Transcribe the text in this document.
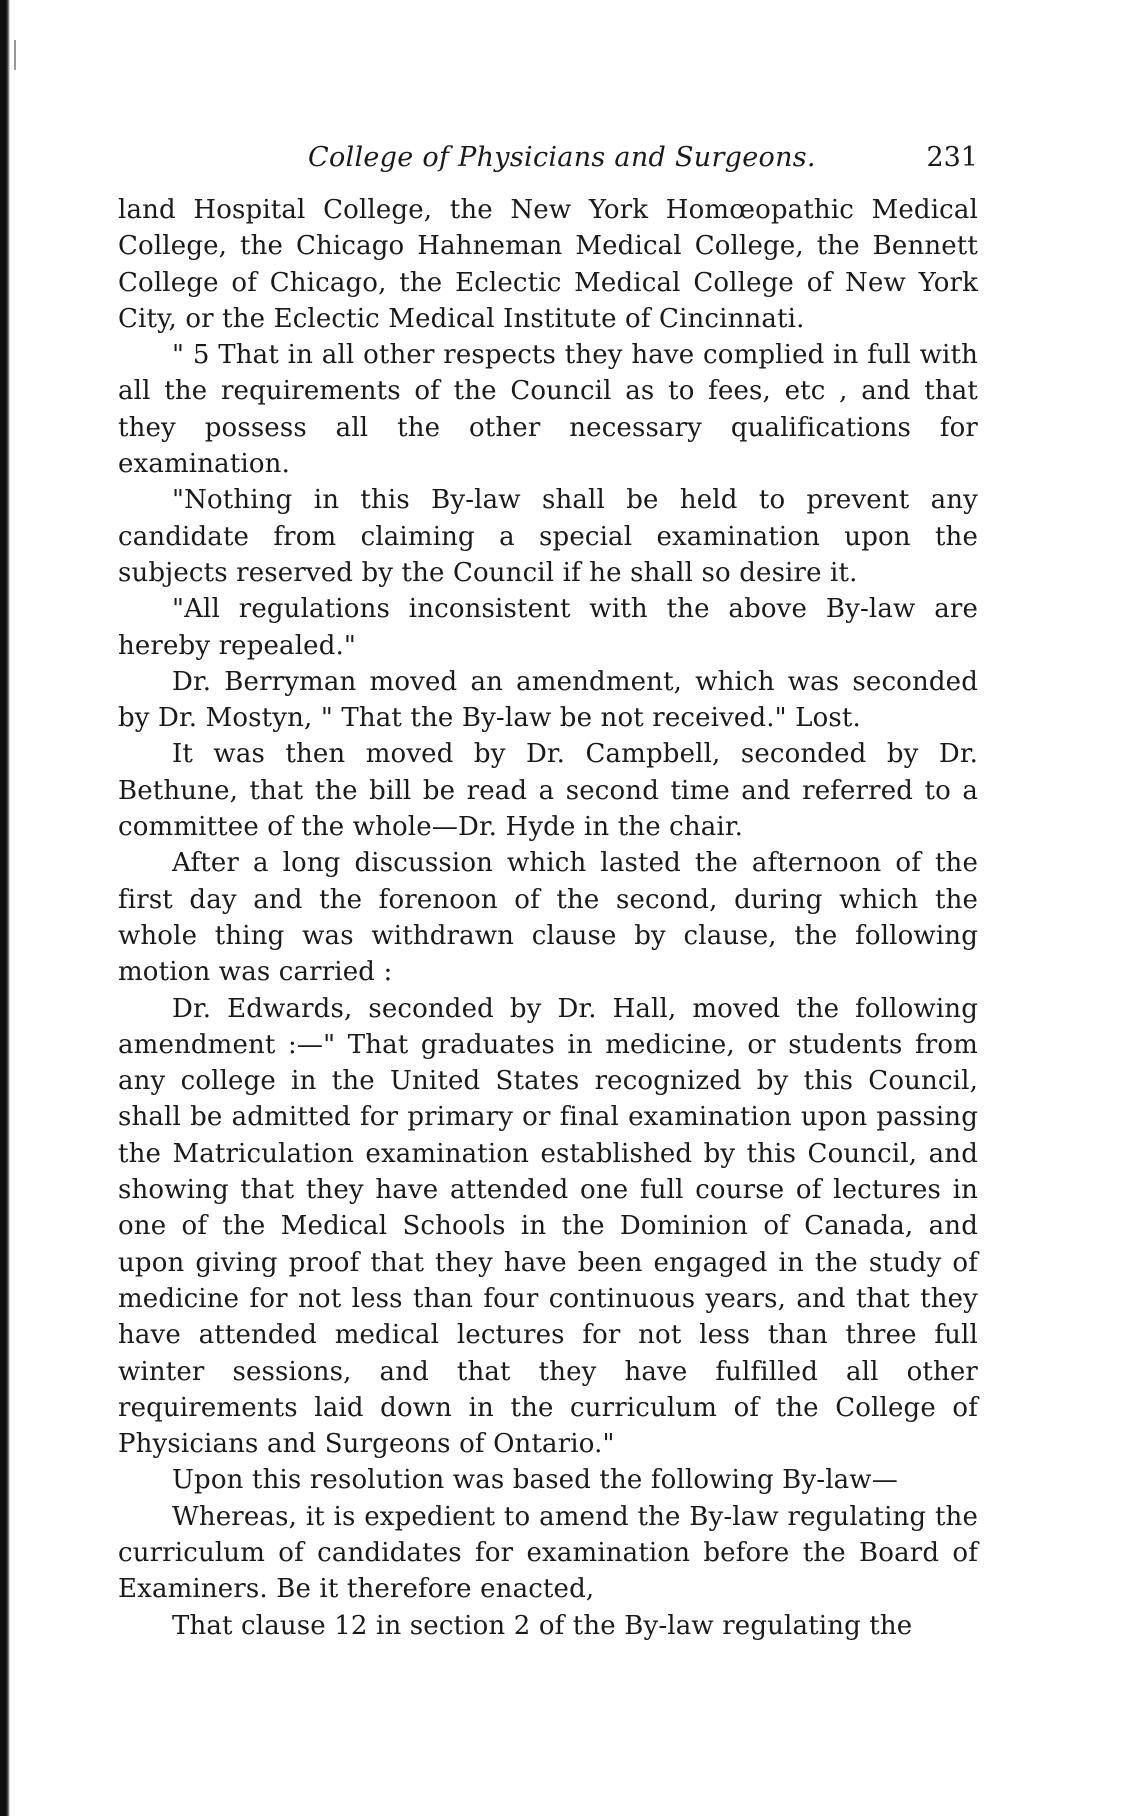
College of Physicians and Surgeons.	231

land Hospital College, the New York Homœopathic Medical College, the Chicago Hahneman Medical College, the Bennett College of Chicago, the Eclectic Medical College of New York City, or the Eclectic Medical Institute of Cincinnati.

" 5 That in all other respects they have complied in full with all the requirements of the Council as to fees, etc , and that they possess all the other necessary qualifications for examination.

"Nothing in this By-law shall be held to prevent any candidate from claiming a special examination upon the subjects reserved by the Council if he shall so desire it.

"All regulations inconsistent with the above By-law are hereby repealed."

Dr. Berryman moved an amendment, which was seconded by Dr. Mostyn, " That the By-law be not received." Lost.

It was then moved by Dr. Campbell, seconded by Dr. Bethune, that the bill be read a second time and referred to a committee of the whole—Dr. Hyde in the chair.

After a long discussion which lasted the afternoon of the first day and the forenoon of the second, during which the whole thing was withdrawn clause by clause, the following motion was carried :

Dr. Edwards, seconded by Dr. Hall, moved the following amendment :—" That graduates in medicine, or students from any college in the United States recognized by this Council, shall be admitted for primary or final examination upon passing the Matriculation examination established by this Council, and showing that they have attended one full course of lectures in one of the Medical Schools in the Dominion of Canada, and upon giving proof that they have been engaged in the study of medicine for not less than four continuous years, and that they have attended medical lectures for not less than three full winter sessions, and that they have fulfilled all other requirements laid down in the curriculum of the College of Physicians and Surgeons of Ontario."

Upon this resolution was based the following By-law—

Whereas, it is expedient to amend the By-law regulating the curriculum of candidates for examination before the Board of Examiners. Be it therefore enacted,

That clause 12 in section 2 of the By-law regulating the
